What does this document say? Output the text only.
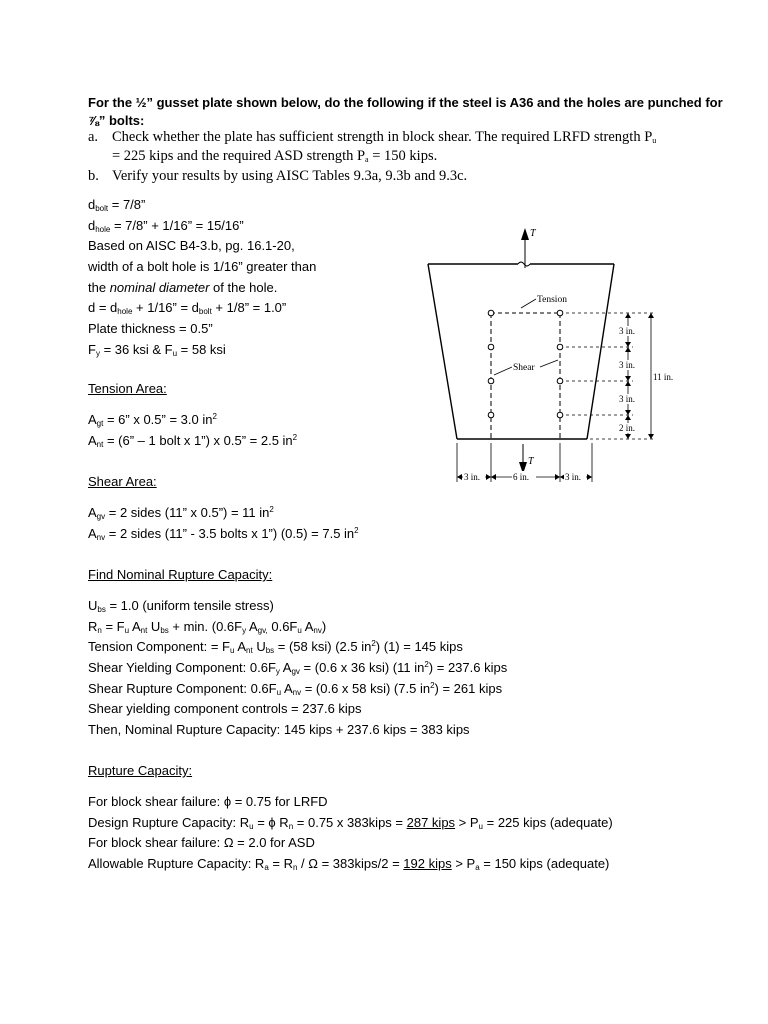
For the ½” gusset plate shown below, do the following if the steel is A36 and the holes are punched for
⅞” bolts:
a. Check whether the plate has sufficient strength in block shear. The required LRFD strength $P_u$
= 225 kips and the required ASD strength $P_a = 150$ kips.
b. Verify your results by using AISC Tables 9.3a, 9.3b and 9.3c.
$d_{bolt} = 7/8$”
$d_{hole} = 7/8$” + 1/16” = 15/16”
Based on AISC B4-3.b, pg. 16.1-20,
width of a bolt hole is 1/16” greater than
the nominal diameter of the hole.
$d = d_{hole} + 1/16$” = $d_{bolt} + 1/8$” = 1.0”
Plate thickness = 0.5”
$F_y = 36$ ksi & $F_u = 58$ ksi
Tension Area:
$A_{gt} = 6$” x 0.5” = 3.0 $in^2$
$A_{nt} = (6$” – 1 bolt x 1”) x 0.5” = 2.5 $in^2$
Shear Area:
$A_{gv} = 2$ sides (11” x 0.5”) = 11 $in^2$
$A_{nv} = 2$ sides (11” - 3.5 bolts x 1”) (0.5) = 7.5 $in^2$
Find Nominal Rupture Capacity:
$U_{bs} = 1.0$ (uniform tensile stress)
$R_n = F_u$ $A_{nt}$ $U_{bs} + \min$. ($0.6F_y$ $A_{gv,}$ $0.6F_u$ $A_{nv}$)
Tension Component: = $F_u$ $A_{nt}$ $U_{bs} = (58$ ksi) (2.5 $in^2$) (1) = 145 kips
Shear Yielding Component: $0.6F_y$ $A_{gv} = (0.6$ x 36 ksi) (11 $in^2) = 237.6$ kips
Shear Rupture Component: $0.6F_u$ $A_{nv} = (0.6$ x 58 ksi) (7.5 $in^2) = 261$ kips
Shear yielding component controls = 237.6 kips
Then, Nominal Rupture Capacity: 145 kips + 237.6 kips = 383 kips
Rupture Capacity:
For block shear failure: ϕ = 0.75 for LRFD
Design Rupture Capacity: $R_u = \phi$ $R_n = 0.75$ x 383kips = 287 kips > $P_u = 225$ kips (adequate)
For block shear failure: Ω = 2.0 for ASD
Allowable Rupture Capacity: $R_a = R_n / \Omega$ = 383kips/2 = 192 kips > $P_a = 150$ kips (adequate)
T
Tension
Shear
3 in.
3 in.
3 in.
2 in.
11 in.
T
3 in.	6 in.	3 in.
